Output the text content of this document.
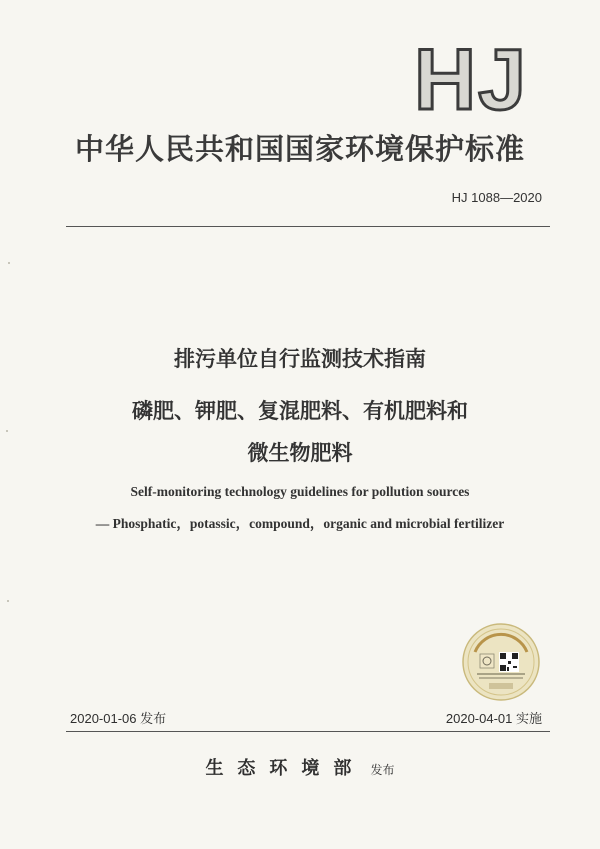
HJ
中华人民共和国国家环境保护标准
HJ 1088—2020
排污单位自行监测技术指南
磷肥、钾肥、复混肥料、有机肥料和
微生物肥料
Self-monitoring technology guidelines for pollution sources
— Phosphatic，potassic，compound，organic and microbial fertilizer
2020-01-06 发布	2020-04-01 实施
生态环境部 发布
